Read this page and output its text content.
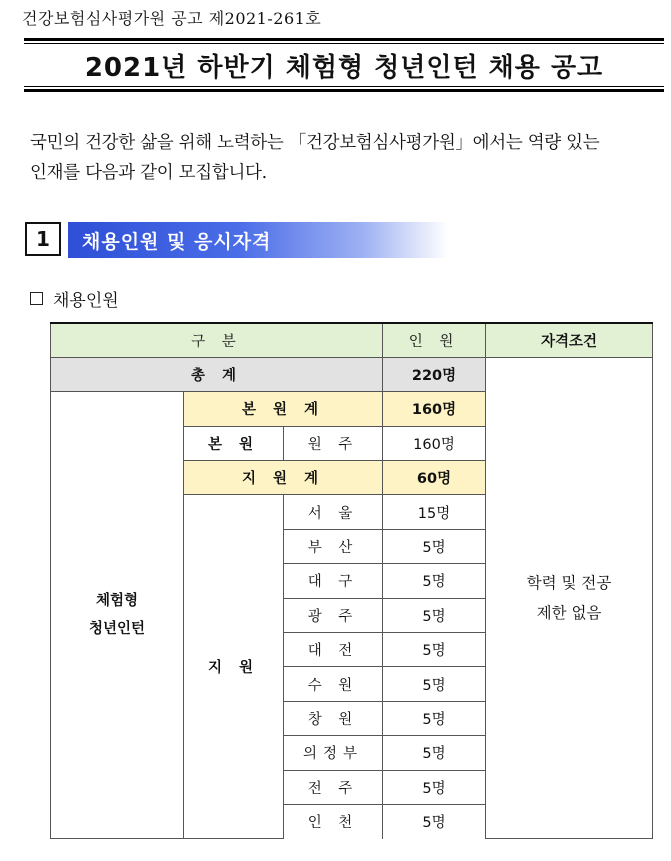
건강보험심사평가원 공고 제2021-261호
2021년 하반기 체험형 청년인턴 채용 공고

국민의 건강한 삶을 위해 노력하는 「건강보험심사평가원」에서는 역량 있는

인재를 다음과 같이 모집합니다.

1	채용인원 및 응시자격
채용인원
구 분			인 원	자격조건
총 계			220명	학력 및 전공
제한 없음

체험형
청년인턴	본 원 계		160명	
	본 원	원 주	160명	
	지 원 계		60명	
	지 원	서 울	15명	
		부 산	5명	
		대 구	5명	
		광 주	5명	
		대 전	5명	
		수 원	5명	
		창 원	5명	
		의정부	5명	
		전 주	5명	
		인 천	5명	
